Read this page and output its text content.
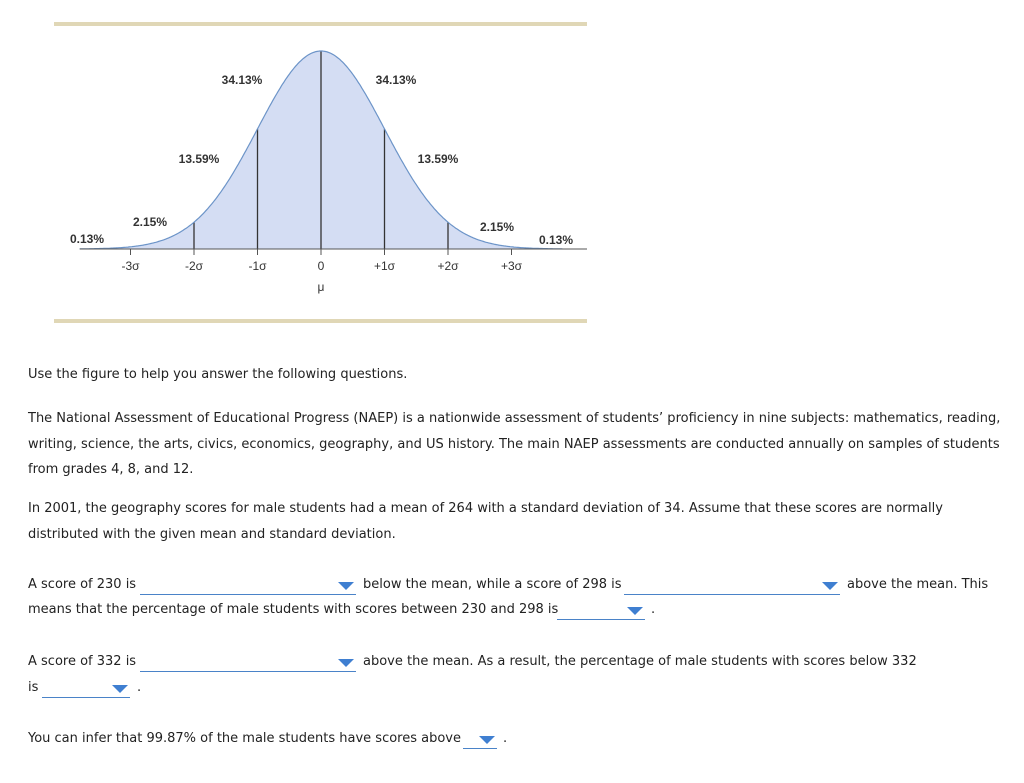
-3σ	-2σ	-1σ	0	+1σ	+2σ	+3σ
μ
0.13%
2.15%
13.59%
34.13%	34.13%
13.59%
2.15%
0.13%

Use the figure to help you answer the following questions.

The National Assessment of Educational Progress (NAEP) is a nationwide assessment of students’ proficiency in nine subjects: mathematics, reading, writing, science, the arts, civics, economics, geography, and US history. The main NAEP assessments are conducted annually on samples of students from grades 4, 8, and 12.

In 2001, the geography scores for male students had a mean of 264 with a standard deviation of 34. Assume that these scores are normally distributed with the given mean and standard deviation.

A score of 230 is	below the mean, while a score of 298 is	above the mean. This
means that the percentage of male students with scores between 230 and 298 is	.
A score of 332 is	above the mean. As a result, the percentage of male students with scores below 332
is	.
You can infer that 99.87% of the male students have scores above	.
